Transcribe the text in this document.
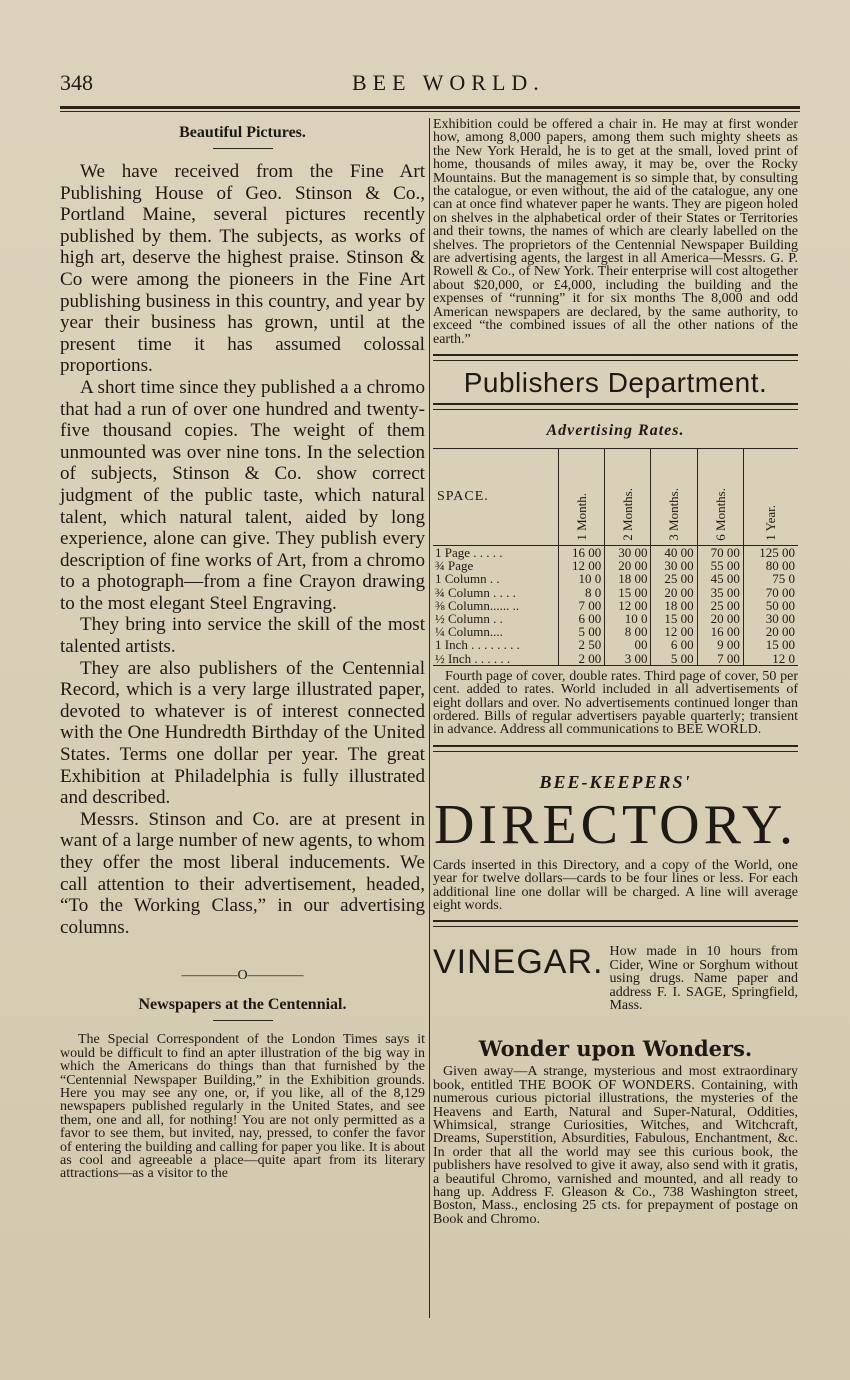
348	BEE WORLD.
Beautiful Pictures.

We have received from the Fine Art Publishing House of Geo. Stinson & Co., Portland Maine, several pictures recently published by them. The subjects, as works of high art, deserve the highest praise. Stinson & Co were among the pioneers in the Fine Art publishing business in this country, and year by year their business has grown, until at the present time it has assumed colossal proportions.

A short time since they published a a chromo that had a run of over one hundred and twenty-five thousand copies. The weight of them unmounted was over nine tons. In the selection of subjects, Stinson & Co. show correct judgment of the public taste, which natural talent, which natural talent, aided by long experience, alone can give. They publish every description of fine works of Art, from a chromo to a photograph—from a fine Crayon drawing to the most elegant Steel Engraving.

They bring into service the skill of the most talented artists.

They are also publishers of the Centennial Record, which is a very large illustrated paper, devoted to whatever is of interest connected with the One Hundredth Birthday of the United States. Terms one dollar per year. The great Exhibition at Philadelphia is fully illustrated and described.

Messrs. Stinson and Co. are at present in want of a large number of new agents, to whom they offer the most liberal inducements. We call attention to their advertisement, headed, “To the Working Class,” in our advertising columns.

————O————
Newspapers at the Centennial.

The Special Correspondent of the London Times says it would be difficult to find an apter illustration of the big way in which the Americans do things than that furnished by the “Centennial Newspaper Building,” in the Exhibition grounds. Here you may see any one, or, if you like, all of the 8,129 newspapers published regularly in the United States, and see them, one and all, for nothing! You are not only permitted as a favor to see them, but invited, nay, pressed, to confer the favor of entering the building and calling for paper you like. It is about as cool and agreeable a place—quite apart from its literary attractions—as a visitor to the

Exhibition could be offered a chair in. He may at first wonder how, among 8,000 papers, among them such mighty sheets as the New York Herald, he is to get at the small, loved print of home, thousands of miles away, it may be, over the Rocky Mountains. But the management is so simple that, by consulting the catalogue, or even without, the aid of the catalogue, any one can at once find whatever paper he wants. They are pigeon holed on shelves in the alphabetical order of their States or Territories and their towns, the names of which are clearly labelled on the shelves. The proprietors of the Centennial Newspaper Building are advertising agents, the largest in all America—Messrs. G. P. Rowell & Co., of New York. Their enterprise will cost altogether about $20,000, or £4,000, including the building and the expenses of “running” it for six months The 8,000 and odd American newspapers are declared, by the same authority, to exceed “the combined issues of all the other nations of the earth.”

Publishers Department.
Advertising Rates.
SPACE.	1 Month.	2 Months.	3 Months.	6 Months.	1 Year.
1 Page . . . . .	16 00	30 00	40 00	70 00	125 00
¾ Page	12 00	20 00	30 00	55 00	80 00
1 Column . .	10 0	18 00	25 00	45 00	75 0
¾ Column . . . .	8 0	15 00	20 00	35 00	70 00
⅜ Column...... ..	7 00	12 00	18 00	25 00	50 00
½ Column . .	6 00	10 0	15 00	20 00	30 00
¼ Column....	5 00	8 00	12 00	16 00	20 00
1 Inch . . . . . . . .	2 50	00	6 00	9 00	15 00
½ Inch . . . . . .	2 00	3 00	5 00	7 00	12 0

Fourth page of cover, double rates. Third page of cover, 50 per cent. added to rates. World included in all advertisements of eight dollars and over. No advertisements continued longer than ordered. Bills of regular advertisers payable quarterly; transient in advance. Address all communications to BEE WORLD.

BEE-KEEPERS'
DIRECTORY.

Cards inserted in this Directory, and a copy of the World, one year for twelve dollars—cards to be four lines or less. For each additional line one dollar will be charged. A line will average eight words.

VINEGAR. How made in 10 hours from Cider, Wine or Sorghum without using drugs. Name paper and address F. I. SAGE, Springfield, Mass.
Wonder upon Wonders.

Given away—A strange, mysterious and most extraordinary book, entitled THE BOOK OF WONDERS. Containing, with numerous curious pictorial illustrations, the mysteries of the Heavens and Earth, Natural and Super-Natural, Oddities, Whimsical, strange Curiosities, Witches, and Witchcraft, Dreams, Superstition, Absurdities, Fabulous, Enchantment, &c. In order that all the world may see this curious book, the publishers have resolved to give it away, also send with it gratis, a beautiful Chromo, varnished and mounted, and all ready to hang up. Address F. Gleason & Co., 738 Washington street, Boston, Mass., enclosing 25 cts. for prepayment of postage on Book and Chromo.
